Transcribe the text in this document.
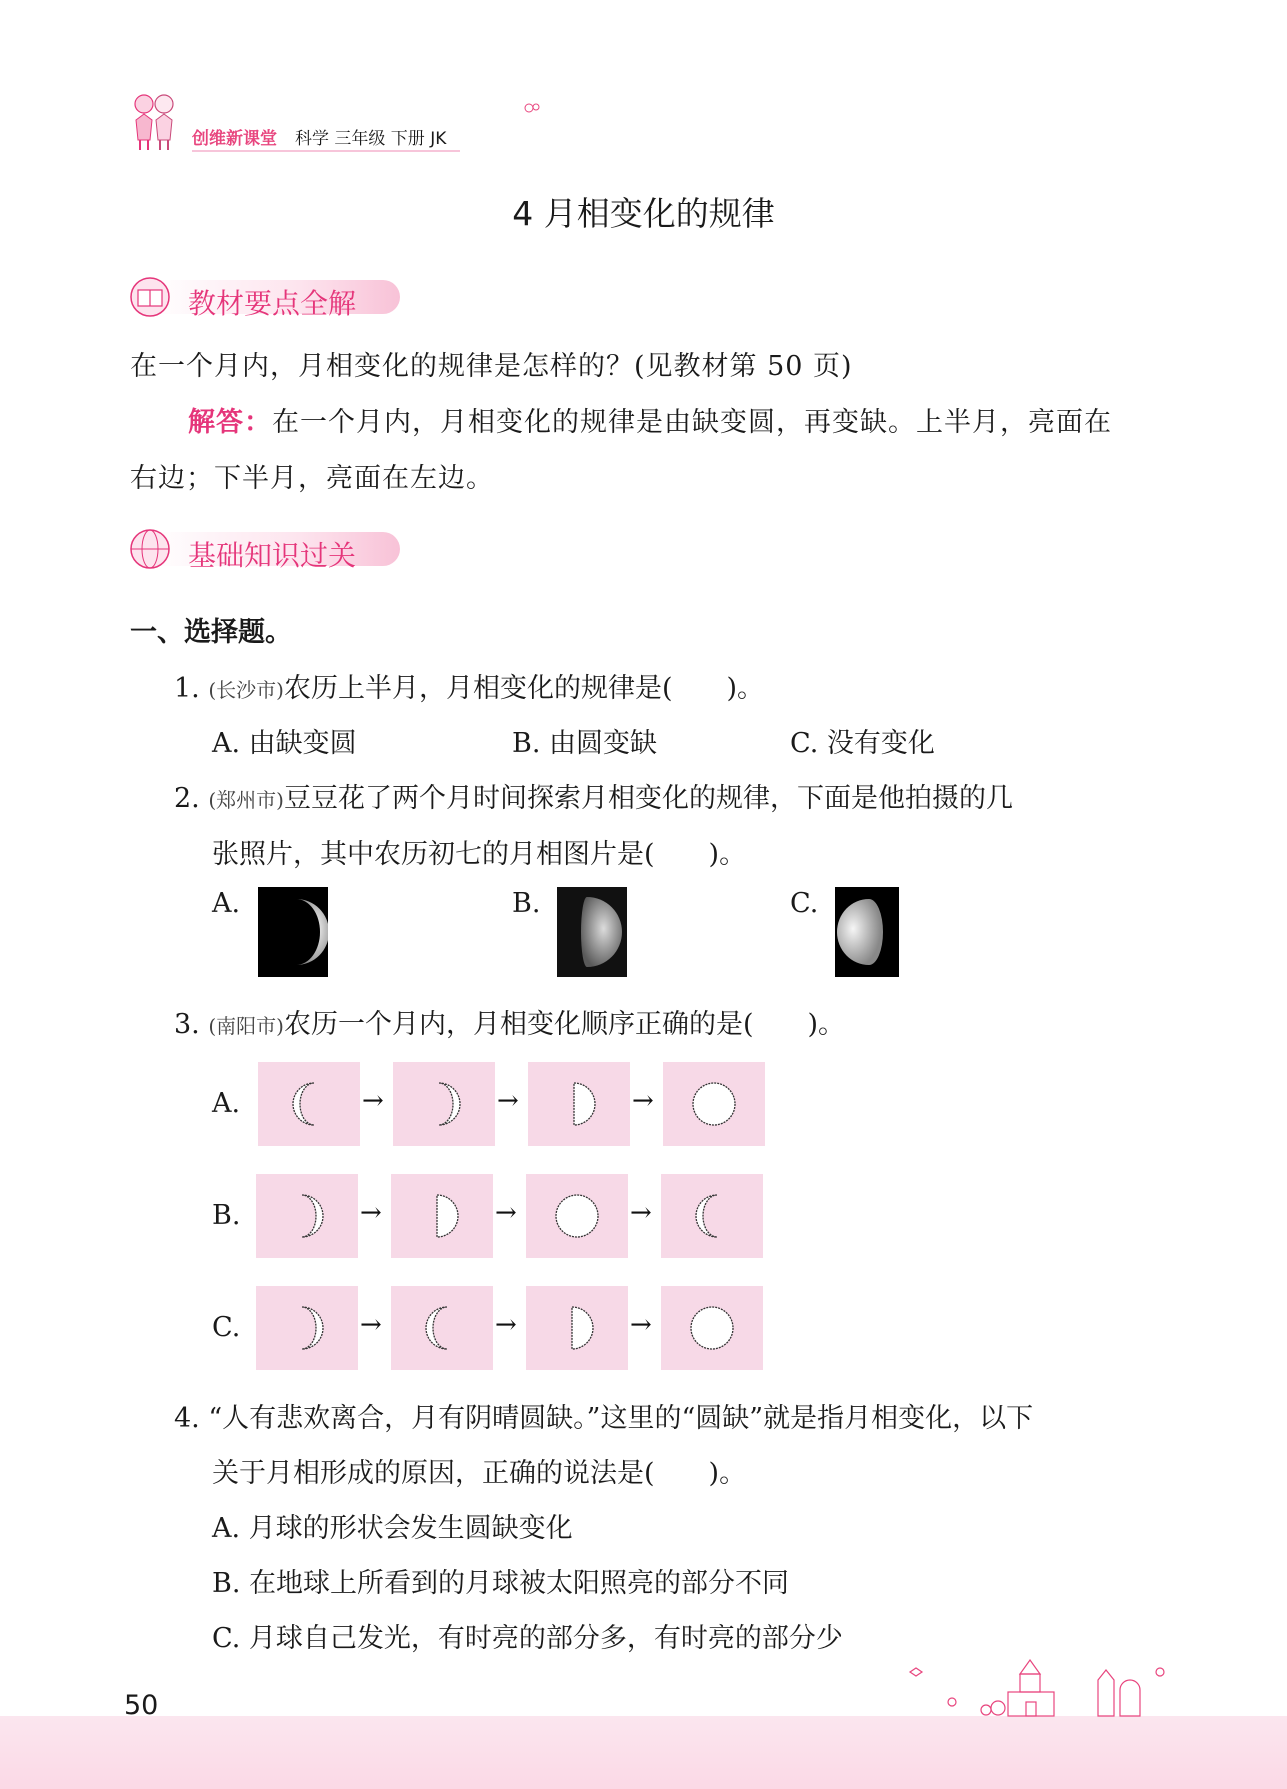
创维新课堂 科学 三年级 下册 JK
4 月相变化的规律
教材要点全解
在一个月内，月相变化的规律是怎样的？(见教材第 50 页)
解答：在一个月内，月相变化的规律是由缺变圆，再变缺。上半月，亮面在
右边；下半月，亮面在左边。
基础知识过关
一、选择题。
1. (长沙市)农历上半月，月相变化的规律是(　　)。
A. 由缺变圆	B. 由圆变缺	C. 没有变化
2. (郑州市)豆豆花了两个月时间探索月相变化的规律，下面是他拍摄的几
张照片，其中农历初七的月相图片是(　　)。
A.	B.	C.
3. (南阳市)农历一个月内，月相变化顺序正确的是(　　)。
A.	→	→	→
B.	→	→	→
C.	→	→	→
4. “人有悲欢离合，月有阴晴圆缺。”这里的“圆缺”就是指月相变化，以下
关于月相形成的原因，正确的说法是(　　)。
A. 月球的形状会发生圆缺变化
B. 在地球上所看到的月球被太阳照亮的部分不同
C. 月球自己发光，有时亮的部分多，有时亮的部分少
50
